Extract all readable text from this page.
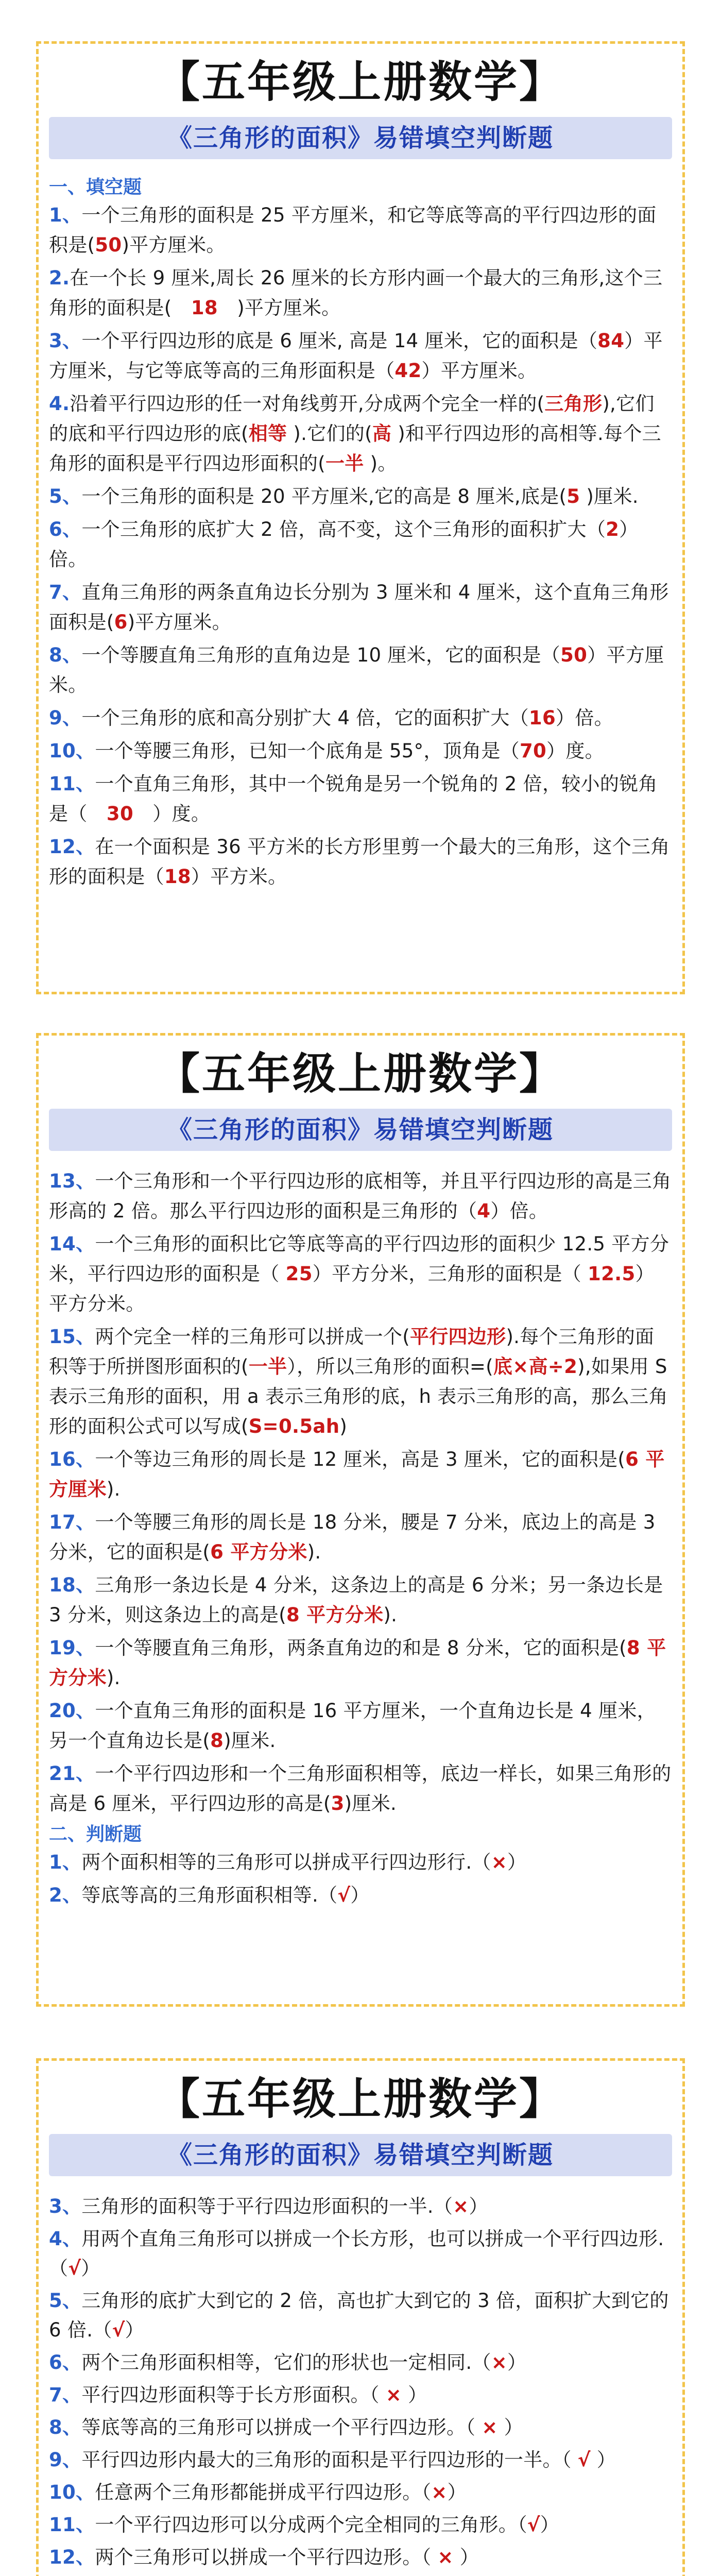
【五年级上册数学】
《三角形的面积》易错填空判断题
一、填空题
1、一个三角形的面积是 25 平方厘米，和它等底等高的平行四边形的面积是(50)平方厘米。
2.在一个长 9 厘米,周长 26 厘米的长方形内画一个最大的三角形,这个三角形的面积是(　18　)平方厘米。
3、一个平行四边形的底是 6 厘米, 高是 14 厘米，它的面积是（84）平方厘米，与它等底等高的三角形面积是（42）平方厘米。
4.沿着平行四边形的任一对角线剪开,分成两个完全一样的(三角形),它们的底和平行四边形的底(相等 ).它们的(高 )和平行四边形的高相等.每个三角形的面积是平行四边形面积的(一半 )。
5、一个三角形的面积是 20 平方厘米,它的高是 8 厘米,底是(5 )厘米.
6、一个三角形的底扩大 2 倍，高不变，这个三角形的面积扩大（2）倍。
7、直角三角形的两条直角边长分别为 3 厘米和 4 厘米，这个直角三角形面积是(6)平方厘米。
8、一个等腰直角三角形的直角边是 10 厘米，它的面积是（50）平方厘米。
9、一个三角形的底和高分别扩大 4 倍，它的面积扩大（16）倍。
10、一个等腰三角形，已知一个底角是 55°，顶角是（70）度。
11、一个直角三角形，其中一个锐角是另一个锐角的 2 倍，较小的锐角是（　30　）度。
12、在一个面积是 36 平方米的长方形里剪一个最大的三角形，这个三角形的面积是（18）平方米。
【五年级上册数学】
《三角形的面积》易错填空判断题
13、一个三角形和一个平行四边形的底相等，并且平行四边形的高是三角形高的 2 倍。那么平行四边形的面积是三角形的（4）倍。
14、一个三角形的面积比它等底等高的平行四边形的面积少 12.5 平方分米，平行四边形的面积是（ 25）平方分米，三角形的面积是（ 12.5）平方分米。
15、两个完全一样的三角形可以拼成一个(平行四边形).每个三角形的面积等于所拼图形面积的(一半），所以三角形的面积=(底×高÷2),如果用 S 表示三角形的面积，用 a 表示三角形的底，h 表示三角形的高，那么三角形的面积公式可以写成(S=0.5ah)
16、一个等边三角形的周长是 12 厘米，高是 3 厘米，它的面积是(6 平方厘米).
17、一个等腰三角形的周长是 18 分米，腰是 7 分米，底边上的高是 3 分米，它的面积是(6 平方分米).
18、三角形一条边长是 4 分米，这条边上的高是 6 分米；另一条边长是 3 分米，则这条边上的高是(8 平方分米).
19、一个等腰直角三角形，两条直角边的和是 8 分米，它的面积是(8 平方分米).
20、一个直角三角形的面积是 16 平方厘米，一个直角边长是 4 厘米，另一个直角边长是(8)厘米.
21、一个平行四边形和一个三角形面积相等，底边一样长，如果三角形的高是 6 厘米，平行四边形的高是(3)厘米.
二、判断题
1、两个面积相等的三角形可以拼成平行四边形行.（×）
2、等底等高的三角形面积相等.（√）
【五年级上册数学】
《三角形的面积》易错填空判断题
3、三角形的面积等于平行四边形面积的一半.（×）
4、用两个直角三角形可以拼成一个长方形，也可以拼成一个平行四边形.（√）
5、三角形的底扩大到它的 2 倍，高也扩大到它的 3 倍，面积扩大到它的 6 倍.（√）
6、两个三角形面积相等，它们的形状也一定相同.（×）
7、平行四边形面积等于长方形面积。（ × ）
8、等底等高的三角形可以拼成一个平行四边形。（ × ）
9、平行四边形内最大的三角形的面积是平行四边形的一半。（ √ ）
10、任意两个三角形都能拼成平行四边形。（×）
11、一个平行四边形可以分成两个完全相同的三角形。（√）
12、两个三角形可以拼成一个平行四边形。（ × ）
